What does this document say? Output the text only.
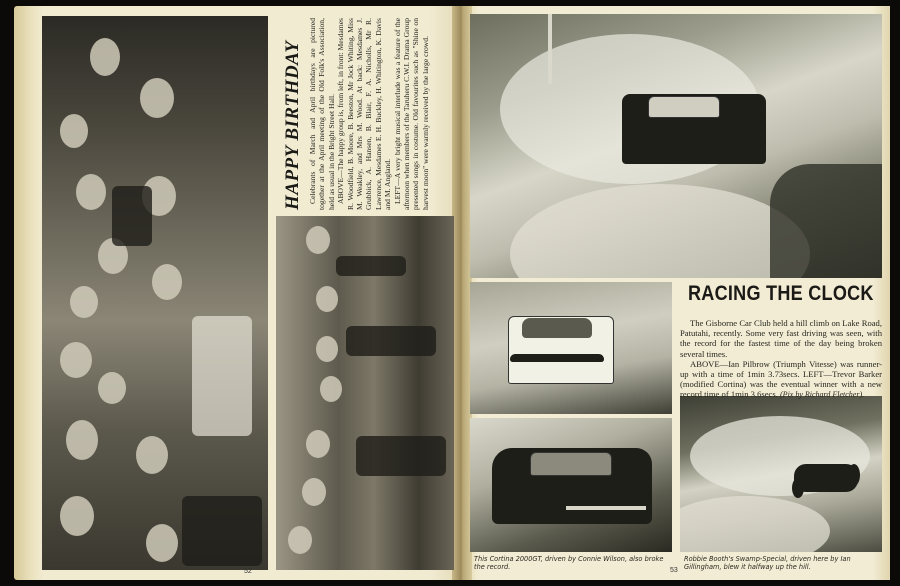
HAPPY BIRTHDAY Celebrants of March and April birthdays are pictured together at the April meeting of the Old Folk's Association, held as usual in the Bright Street Hall. ABOVE—The happy group is, from left, in front: Mesdames R. Woodfield, B. Moore, B. Beeston, Mr Jock Whiting, Miss M. Weakley, and Mrs M. Wood. At back: Mesdames J. Grubbick, A. Hansen, B. Blair, F. A. Nicholls, Mr R. Lawrence, Mesdames E. H. Buckley, H. Whitington, K. Davis and M. Angland. LEFT—A very bright musical interlude was a feature of the afternoon when members of the Taruheru C.W.I. Drama Group presented songs in costume. Old favourites such as "Shine on harvest moon" were warmly received by the large crowd.

52
RACING THE CLOCK

The Gisborne Car Club held a hill climb on Lake Road, Patutahi, recently. Some very fast driving was seen, with the record for the fastest time of the day being broken several times.

ABOVE—Ian Pilbrow (Triumph Vitesse) was runner-up with a time of 1min 3.73secs. LEFT—Trevor Barker (modified Cortina) was the eventual winner with a new record time of 1min 3.6secs. (Pix by Richard Fletcher).

This Cortina 2000GT, driven by Connie Wilson, also broke the record.
Robbie Booth's Swamp-Special, driven here by Ian Gillingham, blew it halfway up the hill.
53
